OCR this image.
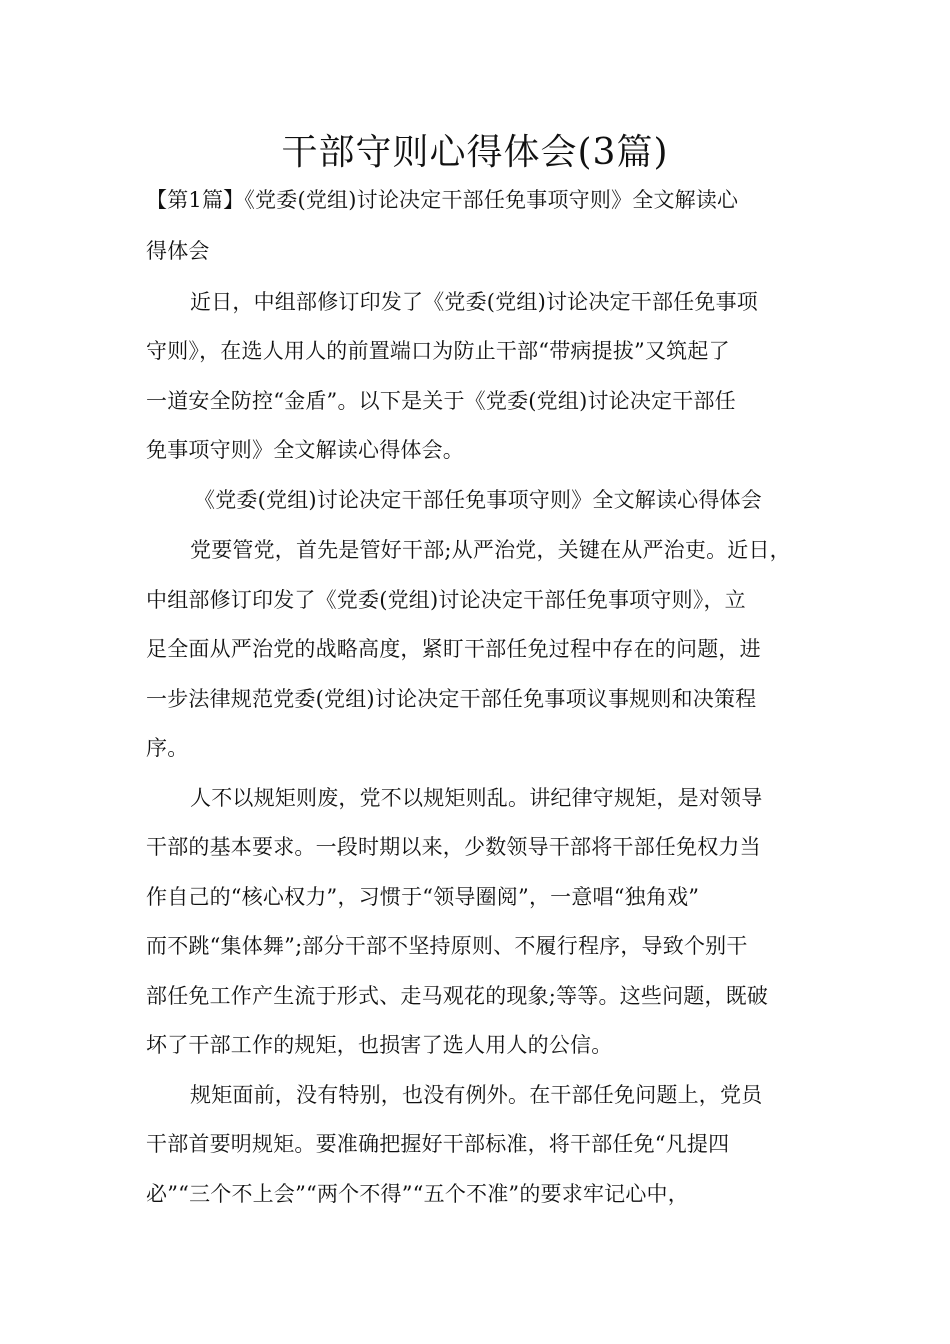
干部守则心得体会(3篇)
【第1篇】《党委(党组)讨论决定干部任免事项守则》全文解读心
得体会
近日，中组部修订印发了《党委(党组)讨论决定干部任免事项
守则》，在选人用人的前置端口为防止干部“带病提拔”又筑起了
一道安全防控“金盾”。以下是关于《党委(党组)讨论决定干部任
免事项守则》全文解读心得体会。
《党委(党组)讨论决定干部任免事项守则》全文解读心得体会
党要管党，首先是管好干部;从严治党，关键在从严治吏。近日，
中组部修订印发了《党委(党组)讨论决定干部任免事项守则》，立
足全面从严治党的战略高度，紧盯干部任免过程中存在的问题，进
一步法律规范党委(党组)讨论决定干部任免事项议事规则和决策程
序。
人不以规矩则废，党不以规矩则乱。讲纪律守规矩，是对领导
干部的基本要求。一段时期以来，少数领导干部将干部任免权力当
作自己的“核心权力”，习惯于“领导圈阅”，一意唱“独角戏”
而不跳“集体舞”;部分干部不坚持原则、不履行程序，导致个别干
部任免工作产生流于形式、走马观花的现象;等等。这些问题，既破
坏了干部工作的规矩，也损害了选人用人的公信。
规矩面前，没有特别，也没有例外。在干部任免问题上，党员
干部首要明规矩。要准确把握好干部标准，将干部任免“凡提四
必”“三个不上会”“两个不得”“五个不准”的要求牢记心中，
